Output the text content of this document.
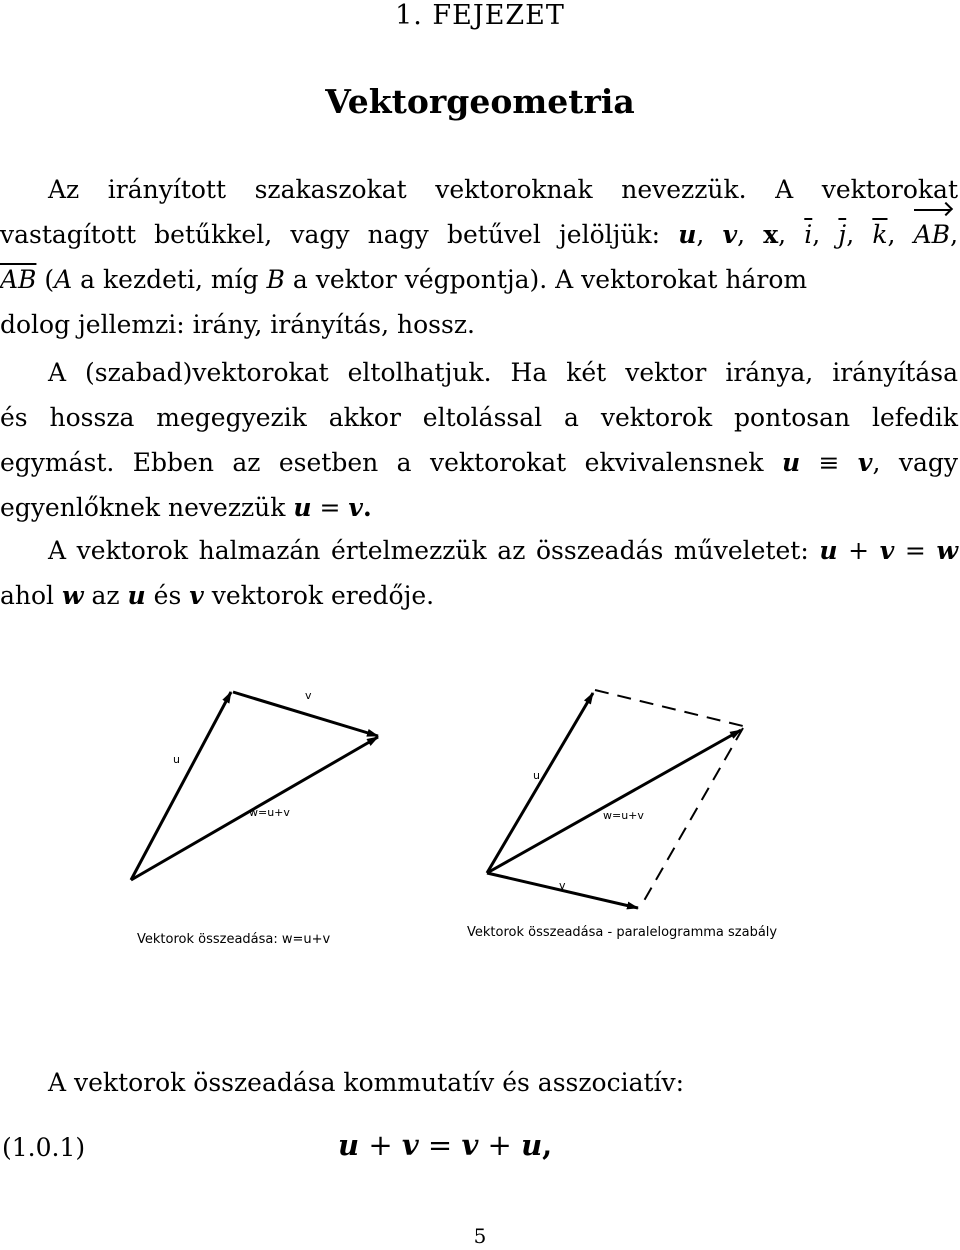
1. FEJEZET
Vektorgeometria
Az irányított szakaszokat vektoroknak nevezzük. A vektorokat
vastagított betűkkel, vagy nagy betűvel jelöljük: u, v, x, $\overline{i}$, $\overline{j}$, $\overline{k}$, AB,
$\overline{AB}$ (A a kezdeti, míg B a vektor végpontja). A vektorokat három
dolog jellemzi: irány, irányítás, hossz.
A (szabad)vektorokat eltolhatjuk. Ha két vektor iránya, irányítása
és hossza megegyezik akkor eltolással a vektorok pontosan lefedik
egymást. Ebben az esetben a vektorokat ekvivalensnek u ≡ v, vagy
egyenlőknek nevezzük u = v.
A vektorok halmazán értelmezzük az összeadás műveletet: u + v = w
ahol w az u és v vektorok eredője.
v
u
w=u+v
Vektorok összeadása: w=u+v
u
w=u+v
v
Vektorok összeadása - paralelogramma szabály
A vektorok összeadása kommutatív és asszociatív:
(1.0.1)	u + v = v + u,
5
